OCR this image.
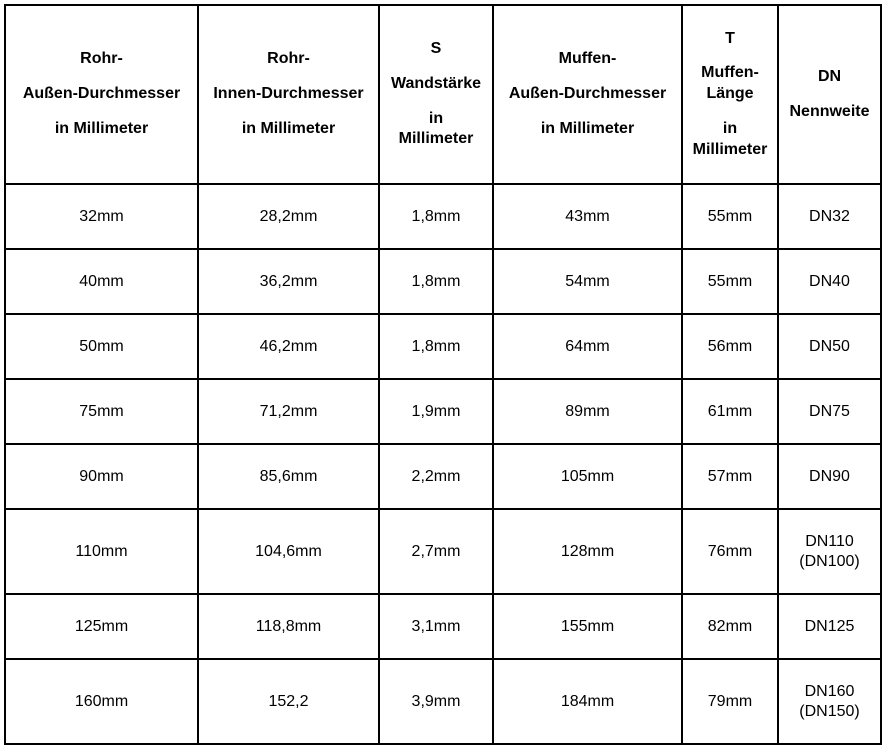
Rohr-
Außen-Durchmesser
in Millimeter	Rohr-
Innen-Durchmesser
in Millimeter	S
Wandstärke
in
Millimeter	Muffen-
Außen-Durchmesser
in Millimeter	T
Muffen-
Länge
in
Millimeter	DN
Nennweite

32mm	28,2mm	1,8mm	43mm	55mm	DN32

40mm	36,2mm	1,8mm	54mm	55mm	DN40

50mm	46,2mm	1,8mm	64mm	56mm	DN50

75mm	71,2mm	1,9mm	89mm	61mm	DN75

90mm	85,6mm	2,2mm	105mm	57mm	DN90

110mm	104,6mm	2,7mm	128mm	76mm	DN110
(DN100)

125mm	118,8mm	3,1mm	155mm	82mm	DN125

160mm	152,2	3,9mm	184mm	79mm	DN160
(DN150)
